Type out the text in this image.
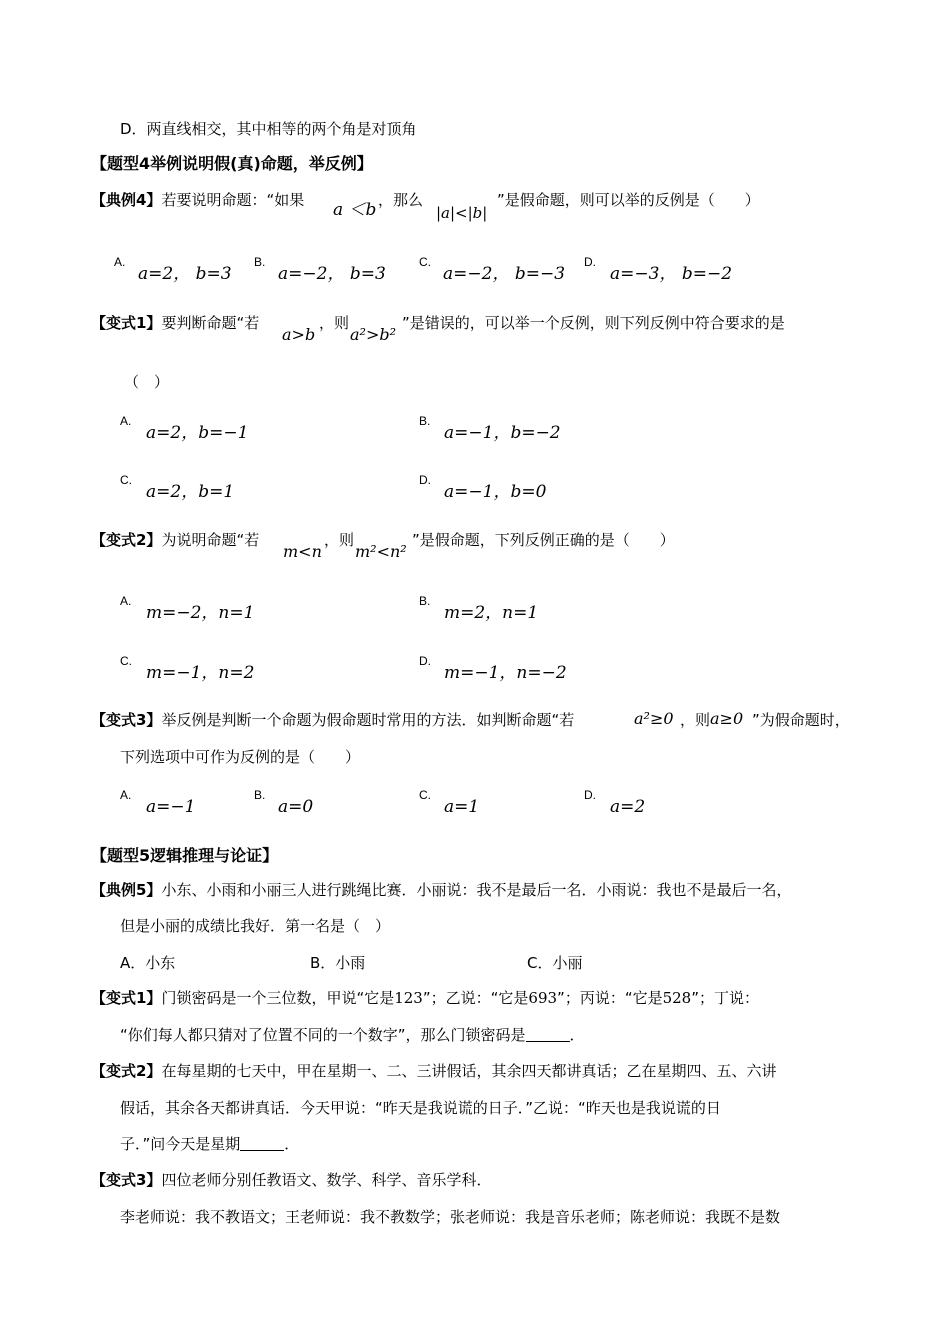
D．两直线相交，其中相等的两个角是对顶角
【题型4举例说明假(真)命题，举反例】
【典例4】若要说明命题：“如果 a ＜b ，那么
|a|<|b|
”是假命题，则可以举的反例是（　　）
A.
a=2， b=3
B.
a=−2， b=3
C.
a=−2， b=−3
D.
a=−3， b=−2
【变式1】要判断命题“若
a>b
，则
a²>b²
”是错误的，可以举一个反例，则下列反例中符合要求的是
（　）
A.
a=2，b=−1
B.
a=−1，b=−2
C.
a=2，b=1
D.
a=−1，b=0
【变式2】为说明命题“若
m<n
，则
m²<n²
”是假命题，下列反例正确的是（　　）
A.
m=−2，n=1
B.
m=2，n=1
C.
m=−1，n=2
D.
m=−1，n=−2
【变式3】举反例是判断一个命题为假命题时常用的方法．如判断命题“若	a²≥0 ，则 a≥0 ”为假命题时，
下列选项中可作为反例的是（　　）
A.
a=−1
B.
a=0
C.
a=1
D.
a=2
【题型5逻辑推理与论证】
【典例5】小东、小雨和小丽三人进行跳绳比赛．小丽说：我不是最后一名．小雨说：我也不是最后一名，
但是小丽的成绩比我好．第一名是（　）
A．小东	B．小雨	C．小丽
【变式1】门锁密码是一个三位数，甲说“它是123”；乙说：“它是693”；丙说：“它是528”；丁说：
“你们每人都只猜对了位置不同的一个数字”，那么门锁密码是	．
【变式2】在每星期的七天中，甲在星期一、二、三讲假话，其余四天都讲真话；乙在星期四、五、六讲
假话，其余各天都讲真话．今天甲说：“昨天是我说谎的日子．”乙说：“昨天也是我说谎的日
子．”问今天是星期	．
【变式3】四位老师分别任教语文、数学、科学、音乐学科．
李老师说：我不教语文；王老师说：我不教数学；张老师说：我是音乐老师；陈老师说：我既不是数
